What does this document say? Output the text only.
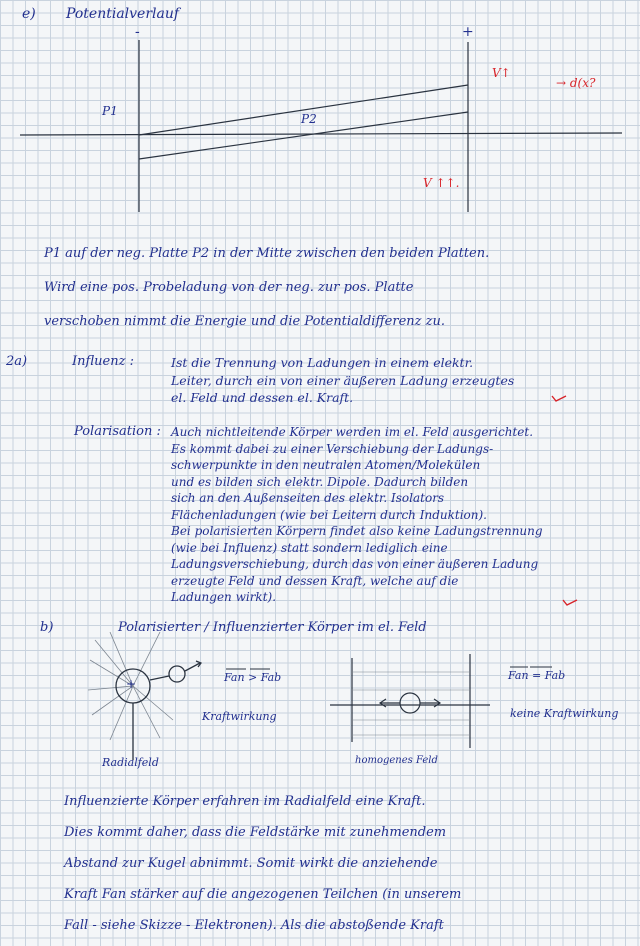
e) Potentialverlauf
-	+
P1
P2
V↑
→ d(x?
V ↑↑.
P1 auf der neg. Platte P2 in der Mitte zwischen den beiden Platten.
Wird eine pos. Probeladung von der neg. zur pos. Platte
verschoben nimmt die Energie und die Potentialdifferenz zu.
2a)	Influenz :	Ist die Trennung von Ladungen in einem elektr.
Leiter, durch ein von einer äußeren Ladung erzeugtes
el. Feld und dessen el. Kraft.
Polarisation : Auch nichtleitende Körper werden im el. Feld ausgerichtet.
Es kommt dabei zu einer Verschiebung der Ladungs-
schwerpunkte in den neutralen Atomen/Molekülen
und es bilden sich elektr. Dipole. Dadurch bilden
sich an den Außenseiten des elektr. Isolators
Flächenladungen (wie bei Leitern durch Induktion).
Bei polarisierten Körpern findet also keine Ladungstrennung
(wie bei Influenz) statt sondern lediglich eine
Ladungsverschiebung, durch das von einer äußeren Ladung
erzeugte Feld und dessen Kraft, welche auf die
Ladungen wirkt).
b)	Polarisierter / Influenzierter Körper im el. Feld
+	Fan > Fab
Kraftwirkung
Radialfeld	homogenes Feld
Fan = Fab
keine Kraftwirkung
Influenzierte Körper erfahren im Radialfeld eine Kraft.
Dies kommt daher, dass die Feldstärke mit zunehmendem
Abstand zur Kugel abnimmt. Somit wirkt die anziehende
Kraft Fan stärker auf die angezogenen Teilchen (in unserem
Fall - siehe Skizze - Elektronen). Als die abstoßende Kraft
